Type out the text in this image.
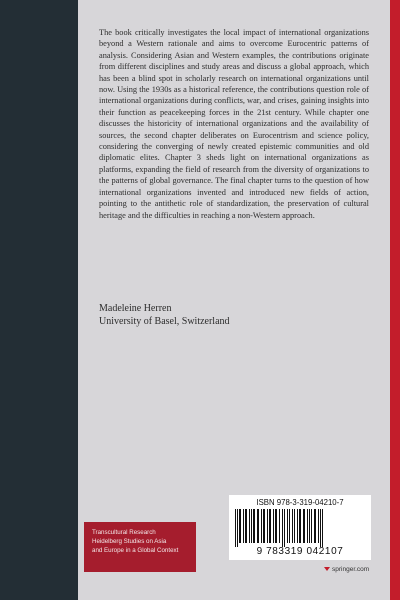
The book critically investigates the local impact of international organizations beyond a Western rationale and aims to overcome Eurocentric patterns of analysis. Considering Asian and Western examples, the contributions originate from different disciplines and study areas and discuss a global approach, which has been a blind spot in scholarly research on international organizations until now. Using the 1930s as a historical reference, the contributions question role of international organizations during conflicts, war, and crises, gaining insights into their function as peacekeeping forces in the 21st century. While chapter one discusses the historicity of international organizations and the availability of sources, the second chapter deliberates on Eurocentrism and science policy, considering the converging of newly created epistemic communities and old diplomatic elites. Chapter 3 sheds light on international organizations as platforms, expanding the field of research from the diversity of organizations to the patterns of global governance. The final chapter turns to the question of how international organizations invented and introduced new fields of action, pointing to the antithetic role of standardization, the preservation of cultural heritage and the difficulties in reaching a non-Western approach.

Madeleine Herren
University of Basel, Switzerland
Transcultural Research
Heidelberg Studies on Asia
and Europe in a Global Context
ISBN 978-3-319-04210-7
9 783319 042107
springer.com
